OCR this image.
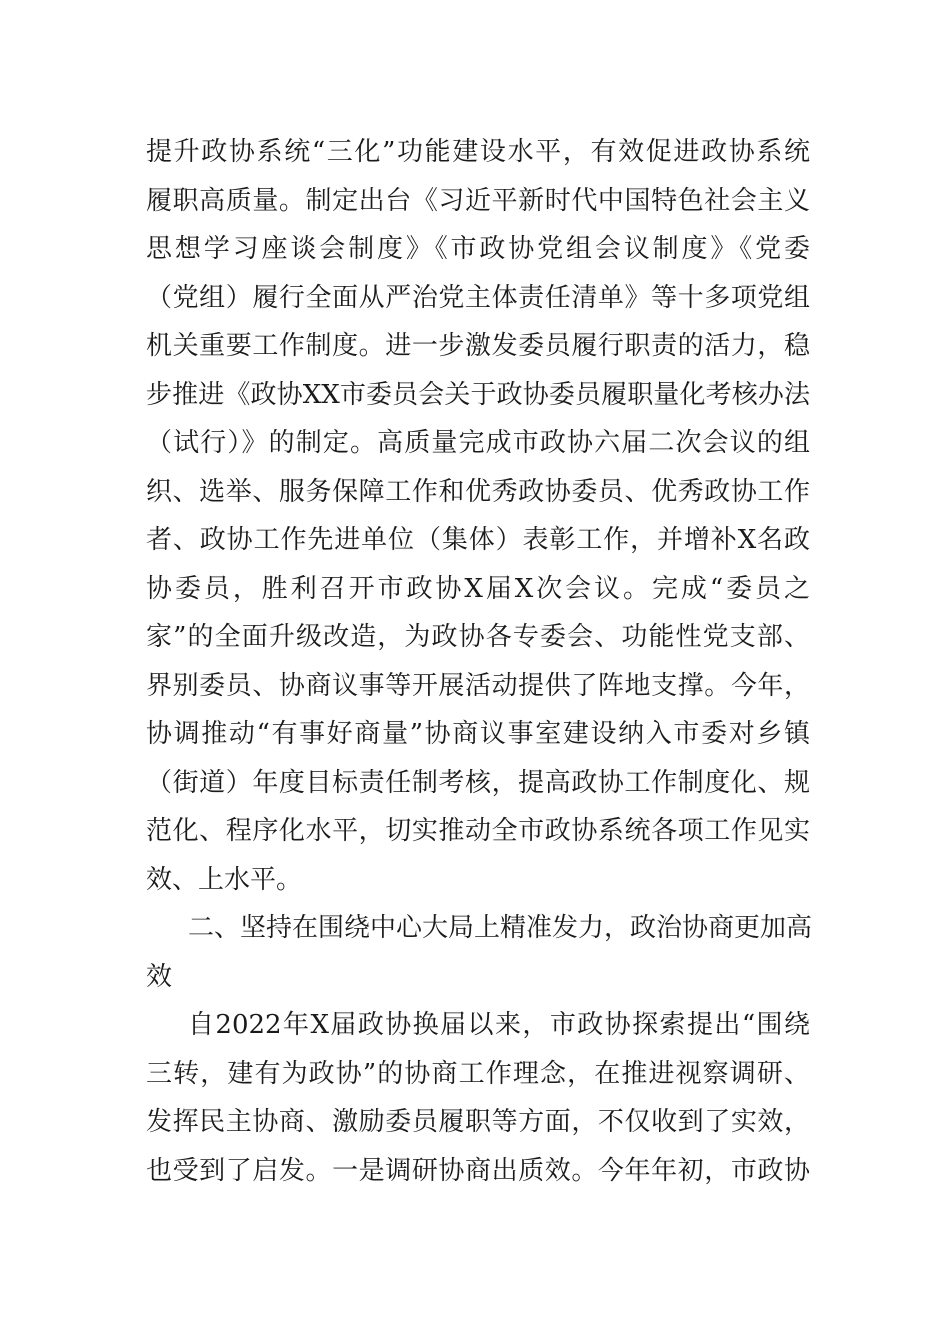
提升政协系统“三化”功能建设水平，有效促进政协系统
履职高质量。制定出台《习近平新时代中国特色社会主义
思想学习座谈会制度》《市政协党组会议制度》《党委
（党组）履行全面从严治党主体责任清单》等十多项党组
机关重要工作制度。进一步激发委员履行职责的活力，稳
步推进《政协XX市委员会关于政协委员履职量化考核办法
（试行）》的制定。高质量完成市政协六届二次会议的组
织、选举、服务保障工作和优秀政协委员、优秀政协工作
者、政协工作先进单位（集体）表彰工作，并增补X名政
协委员，胜利召开市政协X届X次会议。完成“委员之
家”的全面升级改造，为政协各专委会、功能性党支部、
界别委员、协商议事等开展活动提供了阵地支撑。今年，
协调推动“有事好商量”协商议事室建设纳入市委对乡镇
（街道）年度目标责任制考核，提高政协工作制度化、规
范化、程序化水平，切实推动全市政协系统各项工作见实
效、上水平。
二、坚持在围绕中心大局上精准发力，政治协商更加高
效
自2022年X届政协换届以来，市政协探索提出“围绕
三转，建有为政协”的协商工作理念，在推进视察调研、
发挥民主协商、激励委员履职等方面，不仅收到了实效，
也受到了启发。一是调研协商出质效。今年年初，市政协
